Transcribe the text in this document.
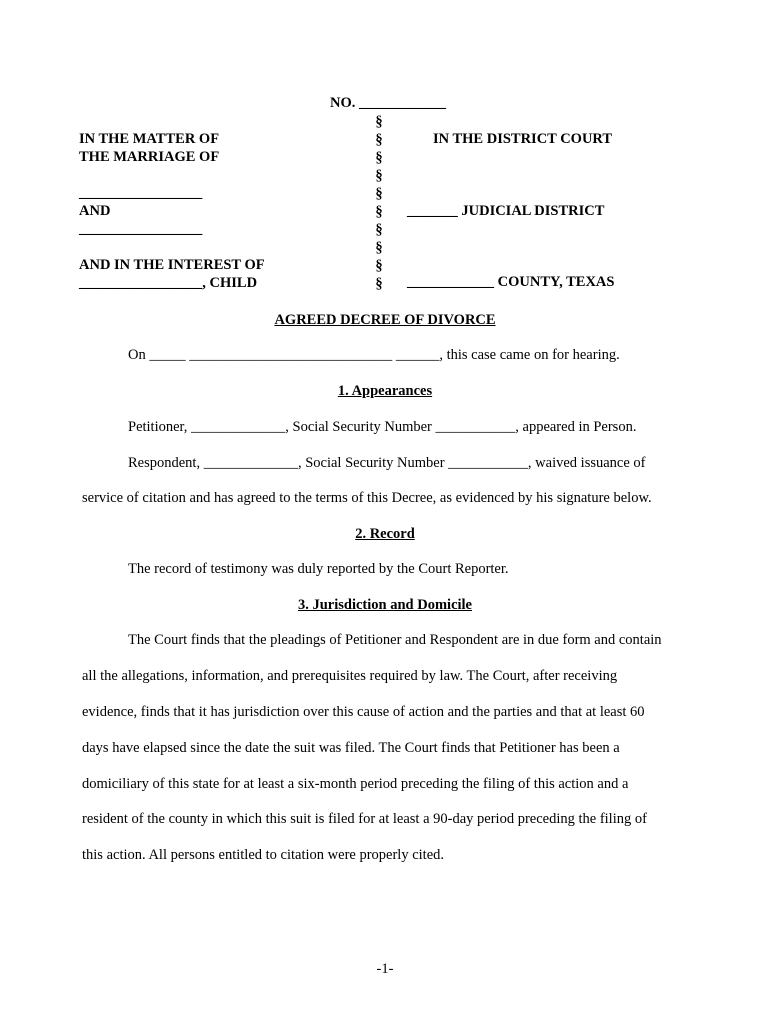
NO. ____________
IN THE MATTER OF
THE MARRIAGE OF
_________________
AND
_________________
AND IN THE INTEREST OF
_________________, CHILD
§
§
§
§
§
§
§
§
§
§
IN THE DISTRICT COURT
_______ JUDICIAL DISTRICT
____________ COUNTY, TEXAS
AGREED DECREE OF DIVORCE
On _____ ____________________________ ______, this case came on for hearing.
1. Appearances
Petitioner, _____________, Social Security Number ___________, appeared in Person.
Respondent, _____________, Social Security Number ___________, waived issuance of
service of citation and has agreed to the terms of this Decree, as evidenced by his signature below.
2. Record
The record of testimony was duly reported by the Court Reporter.
3. Jurisdiction and Domicile
The Court finds that the pleadings of Petitioner and Respondent are in due form and contain
all the allegations, information, and prerequisites required by law. The Court, after receiving
evidence, finds that it has jurisdiction over this cause of action and the parties and that at least 60
days have elapsed since the date the suit was filed. The Court finds that Petitioner has been a
domiciliary of this state for at least a six-month period preceding the filing of this action and a
resident of the county in which this suit is filed for at least a 90-day period preceding the filing of
this action. All persons entitled to citation were properly cited.
-1-
